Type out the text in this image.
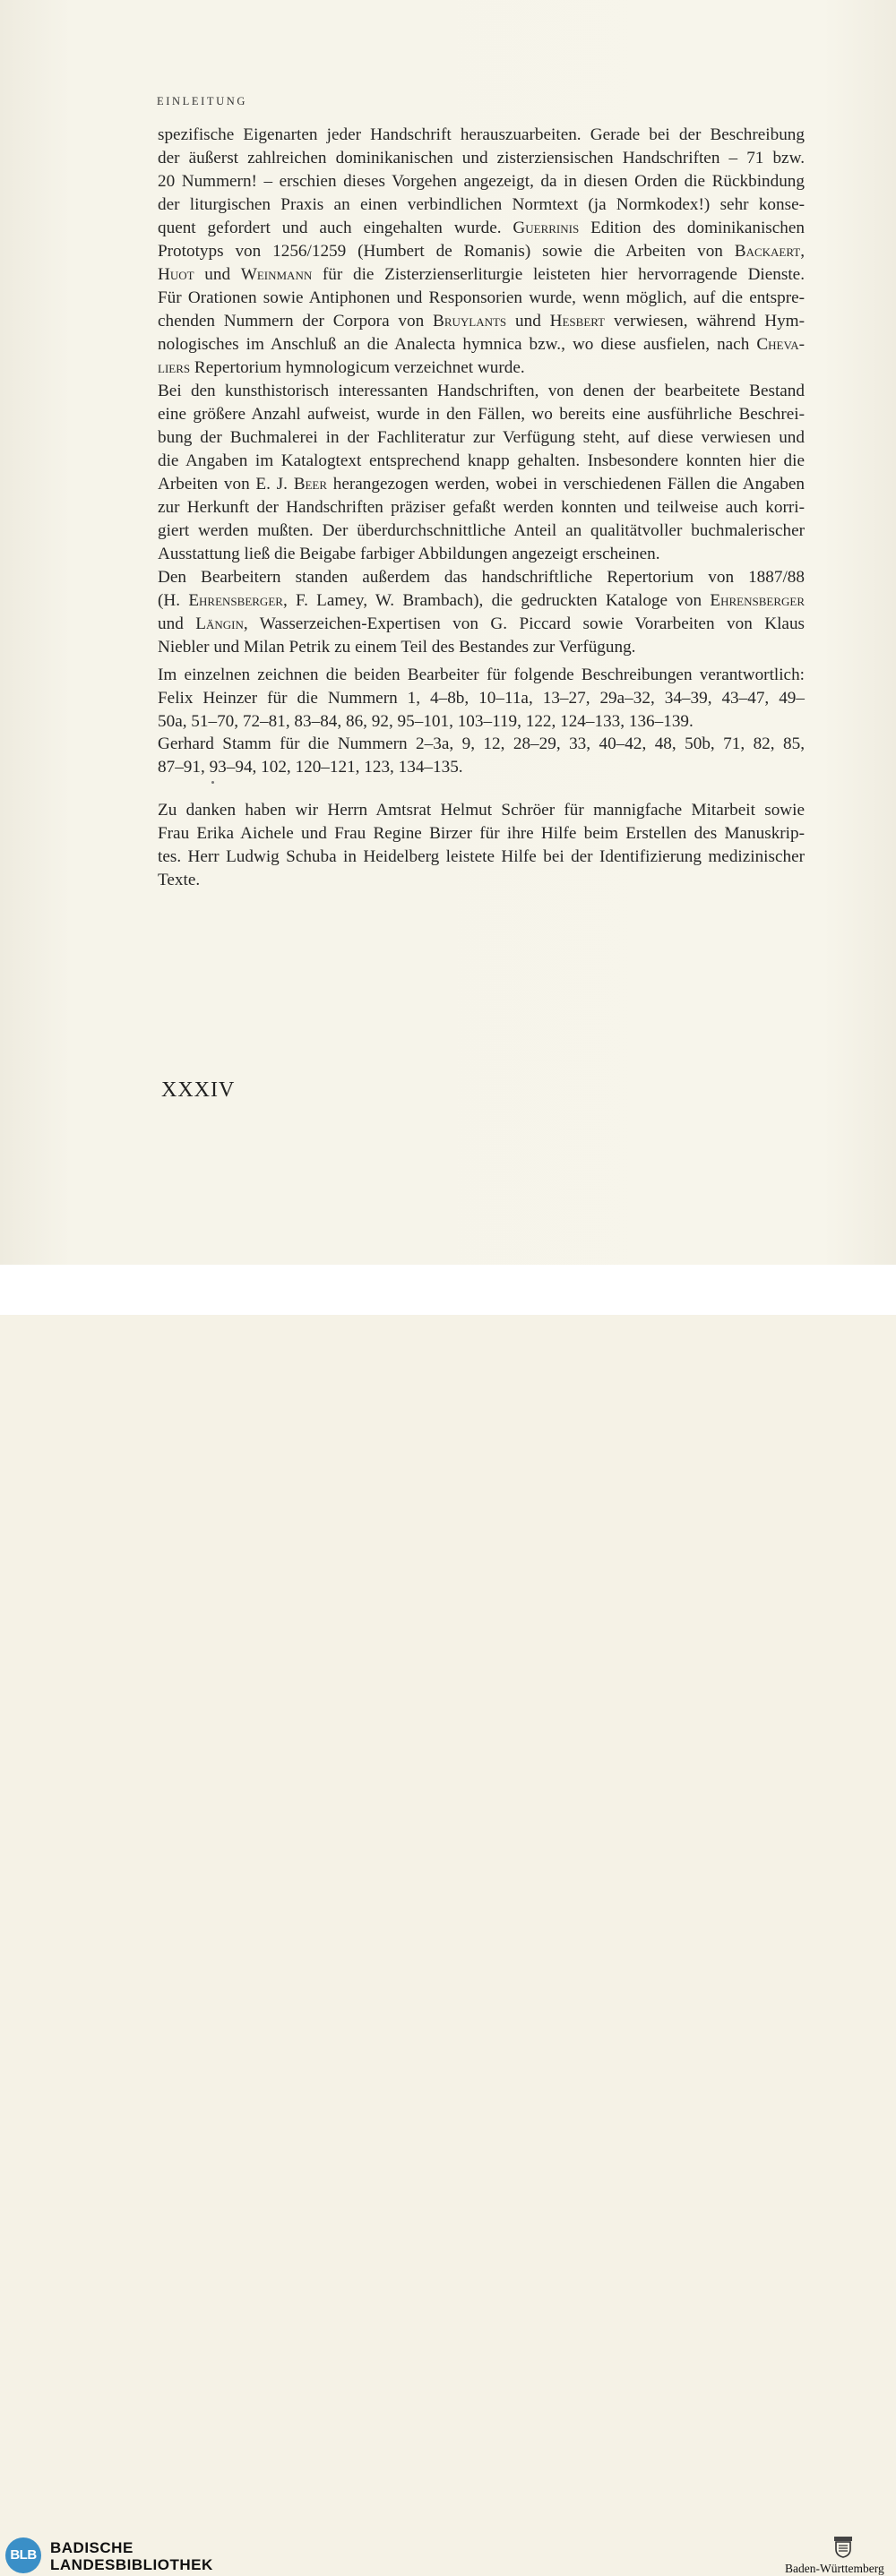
EINLEITUNG
spezifische Eigenarten jeder Handschrift herauszuarbeiten. Gerade bei der Beschreibung
der äußerst zahlreichen dominikanischen und zisterziensischen Handschriften – 71 bzw.
20 Nummern! – erschien dieses Vorgehen angezeigt, da in diesen Orden die Rückbindung
der liturgischen Praxis an einen verbindlichen Normtext (ja Normkodex!) sehr konse-
quent gefordert und auch eingehalten wurde. Guerrinis Edition des dominikanischen
Prototyps von 1256/1259 (Humbert de Romanis) sowie die Arbeiten von Backaert,
Huot und Weinmann für die Zisterzienserliturgie leisteten hier hervorragende Dienste.
Für Orationen sowie Antiphonen und Responsorien wurde, wenn möglich, auf die entspre-
chenden Nummern der Corpora von Bruylants und Hesbert verwiesen, während Hym-
nologisches im Anschluß an die Analecta hymnica bzw., wo diese ausfielen, nach Cheva-
liers Repertorium hymnologicum verzeichnet wurde.
Bei den kunsthistorisch interessanten Handschriften, von denen der bearbeitete Bestand
eine größere Anzahl aufweist, wurde in den Fällen, wo bereits eine ausführliche Beschrei-
bung der Buchmalerei in der Fachliteratur zur Verfügung steht, auf diese verwiesen und
die Angaben im Katalogtext entsprechend knapp gehalten. Insbesondere konnten hier die
Arbeiten von E. J. Beer herangezogen werden, wobei in verschiedenen Fällen die Angaben
zur Herkunft der Handschriften präziser gefaßt werden konnten und teilweise auch korri-
giert werden mußten. Der überdurchschnittliche Anteil an qualitätvoller buchmalerischer
Ausstattung ließ die Beigabe farbiger Abbildungen angezeigt erscheinen.
Den Bearbeitern standen außerdem das handschriftliche Repertorium von 1887/88
(H. Ehrensberger, F. Lamey, W. Brambach), die gedruckten Kataloge von Ehrensberger
und Längin, Wasserzeichen-Expertisen von G. Piccard sowie Vorarbeiten von Klaus
Niebler und Milan Petrik zu einem Teil des Bestandes zur Verfügung.
Im einzelnen zeichnen die beiden Bearbeiter für folgende Beschreibungen verantwortlich:
Felix Heinzer für die Nummern 1, 4–8b, 10–11a, 13–27, 29a–32, 34–39, 43–47, 49–
50a, 51–70, 72–81, 83–84, 86, 92, 95–101, 103–119, 122, 124–133, 136–139.
Gerhard Stamm für die Nummern 2–3a, 9, 12, 28–29, 33, 40–42, 48, 50b, 71, 82, 85,
87–91, 93–94, 102, 120–121, 123, 134–135.
Zu danken haben wir Herrn Amtsrat Helmut Schröer für mannigfache Mitarbeit sowie
Frau Erika Aichele und Frau Regine Birzer für ihre Hilfe beim Erstellen des Manuskrip-
tes. Herr Ludwig Schuba in Heidelberg leistete Hilfe bei der Identifizierung medizinischer
Texte.
XXXIV
BLB BADISCHE
LANDESBIBLIOTHEK	Baden-Württemberg
